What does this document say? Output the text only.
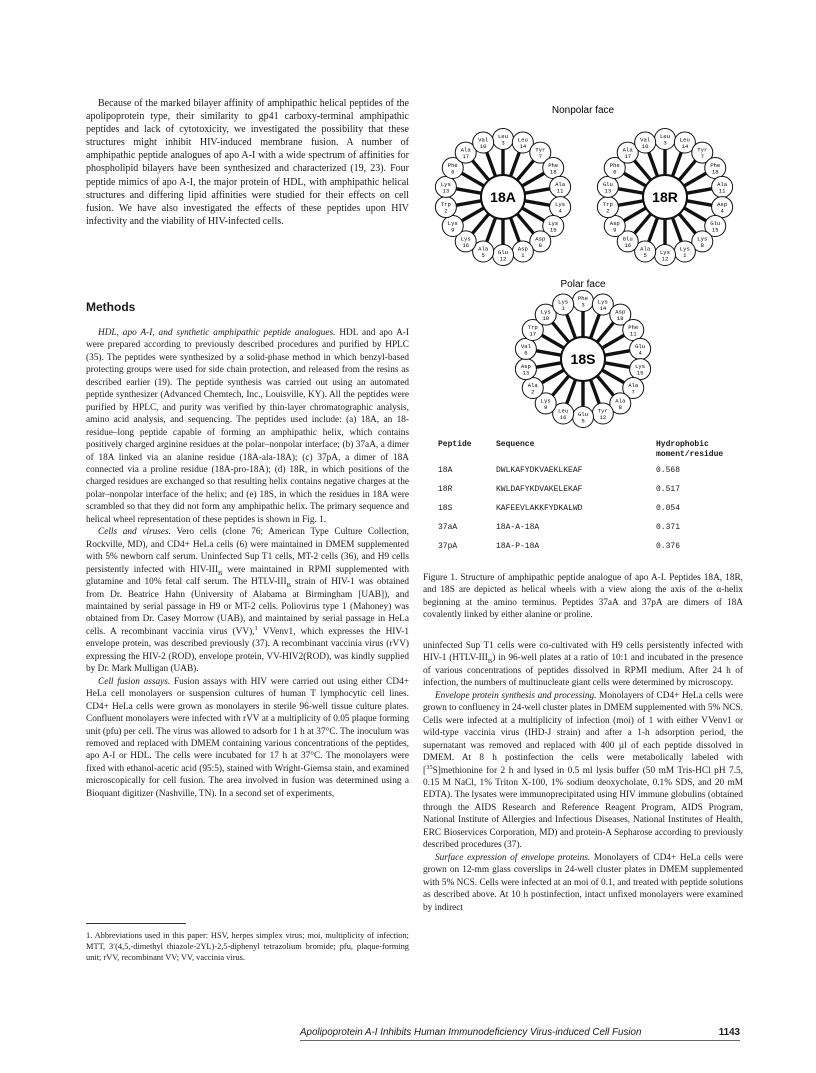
Because of the marked bilayer affinity of amphipathic helical peptides of the apolipoprotein type, their similarity to gp41 carboxy-terminal amphipathic peptides and lack of cytotoxicity, we investigated the possibility that these structures might inhibit HIV-induced membrane fusion. A number of amphipathic peptide analogues of apo A-I with a wide spectrum of affinities for phospholipid bilayers have been synthesized and characterized (19, 23). Four peptide mimics of apo A-I, the major protein of HDL, with amphipathic helical structures and differing lipid affinities were studied for their effects on cell fusion. We have also investigated the effects of these peptides upon HIV infectivity and the viability of HIV-infected cells.

Methods

HDL, apo A-I, and synthetic amphipathic peptide analogues. HDL and apo A-I were prepared according to previously described procedures and purified by HPLC (35). The peptides were synthesized by a solid-phase method in which benzyl-based protecting groups were used for side chain protection, and released from the resins as described earlier (19). The peptide synthesis was carried out using an automated peptide synthesizer (Advanced Chemtech, Inc., Louisville, KY). All the peptides were purified by HPLC, and purity was verified by thin-layer chromatographic analysis, amino acid analysis, and sequencing. The peptides used include: (a) 18A, an 18-residue–long peptide capable of forming an amphipathic helix, which contains positively charged arginine residues at the polar–nonpolar interface; (b) 37aA, a dimer of 18A linked via an alanine residue (18A-ala-18A); (c) 37pA, a dimer of 18A connected via a proline residue (18A-pro-18A); (d) 18R, in which positions of the charged residues are exchanged so that resulting helix contains negative charges at the polar–nonpolar interface of the helix; and (e) 18S, in which the residues in 18A were scrambled so that they did not form any amphipathic helix. The primary sequence and helical wheel representation of these peptides is shown in Fig. 1.

Cells and viruses. Vero cells (clone 76; American Type Culture Collection, Rockville, MD), and CD4+ HeLa cells (6) were maintained in DMEM supplemented with 5% newborn calf serum. Uninfected Sup T1 cells, MT-2 cells (36), and H9 cells persistently infected with HIV-$III_B$ were maintained in RPMI supplemented with glutamine and 10% fetal calf serum. The HTLV-$III_B$ strain of HIV-1 was obtained from Dr. Beatrice Hahn (University of Alabama at Birmingham [UAB]), and maintained by serial passage in H9 or MT-2 cells. Poliovirus type 1 (Mahoney) was obtained from Dr. Casey Morrow (UAB), and maintained by serial passage in HeLa cells. A recombinant vaccinia virus (VV),$^1$ VVenv1, which expresses the HIV-1 envelope protein, was described previously (37). A recombinant vaccinia virus (rVV) expressing the HIV-2 (ROD), envelope protein, VV-HIV2(ROD), was kindly supplied by Dr. Mark Mulligan (UAB).

Cell fusion assays. Fusion assays with HIV were carried out using either CD4+ HeLa cell monolayers or suspension cultures of human T lymphocytic cell lines. CD4+ HeLa cells were grown as monolayers in sterile 96-well tissue culture plates. Confluent monolayers were infected with rVV at a multiplicity of 0.05 plaque forming unit (pfu) per cell. The virus was allowed to adsorb for 1 h at 37°C. The inoculum was removed and replaced with DMEM containing various concentrations of the peptides, apo A-I or HDL. The cells were incubated for 17 h at 37°C. The monolayers were fixed with ethanol-acetic acid (95:5), stained with Wright-Giemsa stain, and examined microscopically for cell fusion. The area involved in fusion was determined using a Bioquant digitizer (Nashville, TN). In a second set of experiments,

1. Abbreviations used in this paper: HSV, herpes simplex virus; moi, multiplicity of infection; MTT, 3′(4,5,-dimethyl thiazole-2YL)-2,5-diphenyl tetrazolium bromide; pfu, plaque-forming unit; rVV, recombinant VV; VV, vaccinia virus.
Nonpolar face
Polar face
18A
Leu
3 Leu
14
Tyr
7
Phe
18
Ala
11
Lys
4
Lys
15
Asp
8
Asp
1
Glu
12
Ala
5
Lys
16
Lys
9
Trp
2
Lys
13
Phe
6
Ala
17
Val
10
18R
Leu
3 Leu
14
Tyr
7
Phe
18
Ala
11
Asp
4
Glu
15
Lys
8
Lys
1
Lys
12
Ala
5
Glu
16
Asp
9
Trp
2
Glu
13
Phe
6
Ala
17
Val
10
18S
Phe
3 Lys
14
Asp
18
Phe
11
Glu
4
Lys
15
Ala
7
Ala
8
Tyr
12
Glu
5
Leu
16
Lys
9
Ala
2
Asp
13
Val
6
Trp
17
Lys
10
Lys
1
Peptide	Sequence	Hydrophobic moment/residue
18A	DWLKAFYDKVAEKLKEAF	0.568
18R	KWLDAFYKDVAKELEKAF	0.517
18S	KAFEEVLAKKFYDKALWD	0.054
37aA	18A-A-18A	0.371
37pA	18A-P-18A	0.376
Figure 1. Structure of amphipathic peptide analogue of apo A-I. Peptides 18A, 18R, and 18S are depicted as helical wheels with a view along the axis of the α-helix beginning at the amino terminus. Peptides 37aA and 37pA are dimers of 18A covalently linked by either alanine or proline.

uninfected Sup T1 cells were co-cultivated with H9 cells persistently infected with HIV-1 $(HTLV-III_B)$ in 96-well plates at a ratio of 10:1 and incubated in the presence of various concentrations of peptides dissolved in RPMI medium. After 24 h of infection, the numbers of multinucleate giant cells were determined by microscopy.

Envelope protein synthesis and processing. Monolayers of CD4+ HeLa cells were grown to confluency in 24-well cluster plates in DMEM supplemented with 5% NCS. Cells were infected at a multiplicity of infection (moi) of 1 with either VVenv1 or wild-type vaccinia virus (IHD-J strain) and after a 1-h adsorption period, the supernatant was removed and replaced with 400 µl of each peptide dissolved in DMEM. At 8 h postinfection the cells were metabolically labeled with [$^{35}$S]methionine for 2 h and lysed in 0.5 ml lysis buffer (50 mM Tris-HCl pH 7.5, 0.15 M NaCl, 1% Triton X-100, 1% sodium deoxycholate, 0.1% SDS, and 20 mM EDTA). The lysates were immunoprecipitated using HIV immune globulins (obtained through the AIDS Research and Reference Reagent Program, AIDS Program, National Institute of Allergies and Infectious Diseases, National Institutes of Health, ERC Bioservices Corporation, MD) and protein-A Sepharose according to previously described procedures (37).

Surface expression of envelope proteins. Monolayers of CD4+ HeLa cells were grown on 12-mm glass coverslips in 24-well cluster plates in DMEM supplemented with 5% NCS. Cells were infected at an moi of 0.1, and treated with peptide solutions as described above. At 10 h postinfection, intact unfixed monolayers were examined by indirect

Apolipoprotein A-I Inhibits Human Immunodeficiency Virus-induced Cell Fusion	1143
